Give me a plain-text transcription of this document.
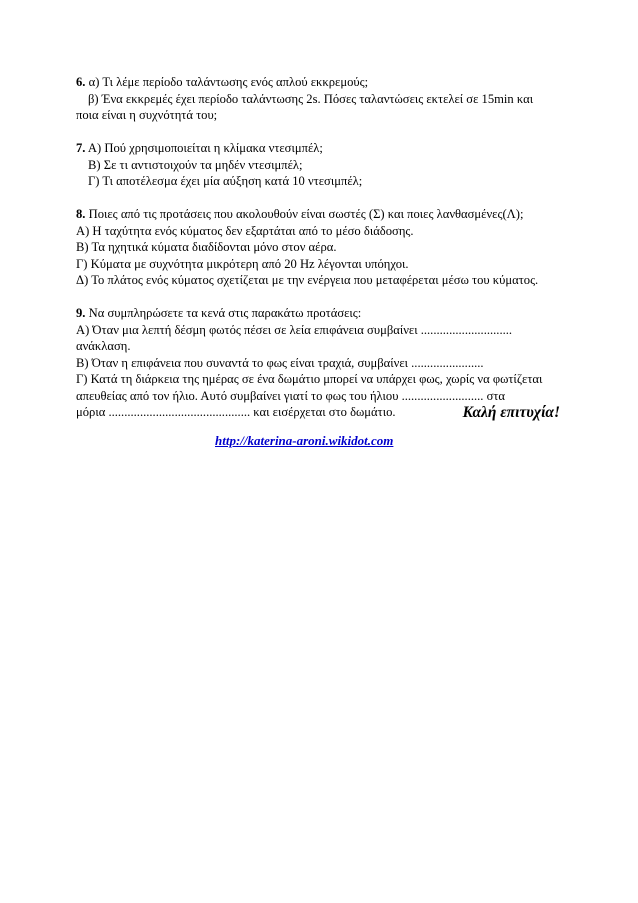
6. α) Τι λέμε περίοδο ταλάντωσης ενός απλού εκκρεμούς;
β) Ένα εκκρεμές έχει περίοδο ταλάντωσης 2s. Πόσες ταλαντώσεις εκτελεί σε 15min και
ποια είναι η συχνότητά του;
7. Α) Πού χρησιμοποιείται η κλίμακα ντεσιμπέλ;
Β) Σε τι αντιστοιχούν τα μηδέν ντεσιμπέλ;
Γ) Τι αποτέλεσμα έχει μία αύξηση κατά 10 ντεσιμπέλ;
8. Ποιες από τις προτάσεις που ακολουθούν είναι σωστές (Σ) και ποιες λανθασμένες(Λ);
Α) Η ταχύτητα ενός κύματος δεν εξαρτάται από το μέσο διάδοσης.
Β) Τα ηχητικά κύματα διαδίδονται μόνο στον αέρα.
Γ) Κύματα με συχνότητα μικρότερη από 20 Hz λέγονται υπόηχοι.
Δ) Το πλάτος ενός κύματος σχετίζεται με την ενέργεια που μεταφέρεται μέσω του κύματος.
9. Να συμπληρώσετε τα κενά στις παρακάτω προτάσεις:
Α) Όταν μια λεπτή δέσμη φωτός πέσει σε λεία επιφάνεια συμβαίνει .............................
ανάκλαση.
Β) Όταν η επιφάνεια που συναντά το φως είναι τραχιά, συμβαίνει .......................
Γ) Κατά τη διάρκεια της ημέρας σε ένα δωμάτιο μπορεί να υπάρχει φως, χωρίς να φωτίζεται
απευθείας από τον ήλιο. Αυτό συμβαίνει γιατί το φως του ήλιου .......................... στα
μόρια ............................................. και εισέρχεται στο δωμάτιο.	Καλή επιτυχία!
http://katerina-aroni.wikidot.com
